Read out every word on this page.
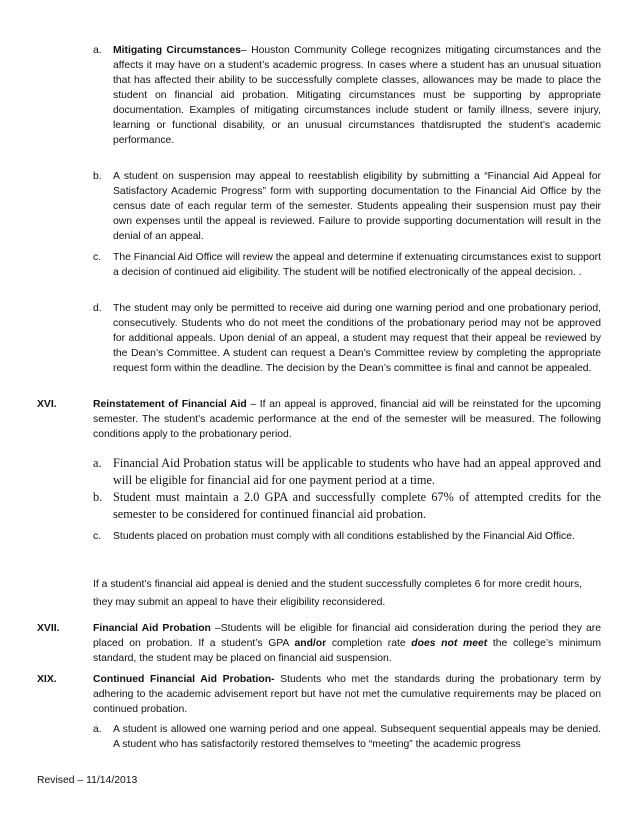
a.	Mitigating Circumstances– Houston Community College recognizes mitigating circumstances and the affects it may have on a student’s academic progress. In cases where a student has an unusual situation that has affected their ability to be successfully complete classes, allowances may be made to place the student on financial aid probation. Mitigating circumstances must be supporting by appropriate documentation. Examples of mitigating circumstances include student or family illness, severe injury, learning or functional disability, or an unusual circumstances thatdisrupted the student’s academic performance.
b.	A student on suspension may appeal to reestablish eligibility by submitting a “Financial Aid Appeal for Satisfactory Academic Progress” form with supporting documentation to the Financial Aid Office by the census date of each regular term of the semester. Students appealing their suspension must pay their own expenses until the appeal is reviewed. Failure to provide supporting documentation will result in the denial of an appeal.
c.	The Financial Aid Office will review the appeal and determine if extenuating circumstances exist to support a decision of continued aid eligibility. The student will be notified electronically of the appeal decision. .
d.	The student may only be permitted to receive aid during one warning period and one probationary period, consecutively. Students who do not meet the conditions of the probationary period may not be approved for additional appeals. Upon denial of an appeal, a student may request that their appeal be reviewed by the Dean’s Committee. A student can request a Dean’s Committee review by completing the appropriate request form within the deadline. The decision by the Dean’s committee is final and cannot be appealed.
XVI.	Reinstatement of Financial Aid – If an appeal is approved, financial aid will be reinstated for the upcoming semester. The student’s academic performance at the end of the semester will be measured. The following conditions apply to the probationary period.
a. Financial Aid Probation status will be applicable to students who have had an appeal approved and will be eligible for financial aid for one payment period at a time.
b. Student must maintain a 2.0 GPA and successfully complete 67% of attempted credits for the semester to be considered for continued financial aid probation.
c.	Students placed on probation must comply with all conditions established by the Financial Aid Office.
If a student’s financial aid appeal is denied and the student successfully completes 6 for more credit hours, they may submit an appeal to have their eligibility reconsidered.
XVII.	Financial Aid Probation –Students will be eligible for financial aid consideration during the period they are placed on probation. If a student’s GPA and/or completion rate does not meet the college’s minimum standard, the student may be placed on financial aid suspension.
XIX.	Continued Financial Aid Probation- Students who met the standards during the probationary term by adhering to the academic advisement report but have not met the cumulative requirements may be placed on continued probation.
a.	A student is allowed one warning period and one appeal. Subsequent sequential appeals may be denied. A student who has satisfactorily restored themselves to “meeting” the academic progress
Revised – 11/14/2013
